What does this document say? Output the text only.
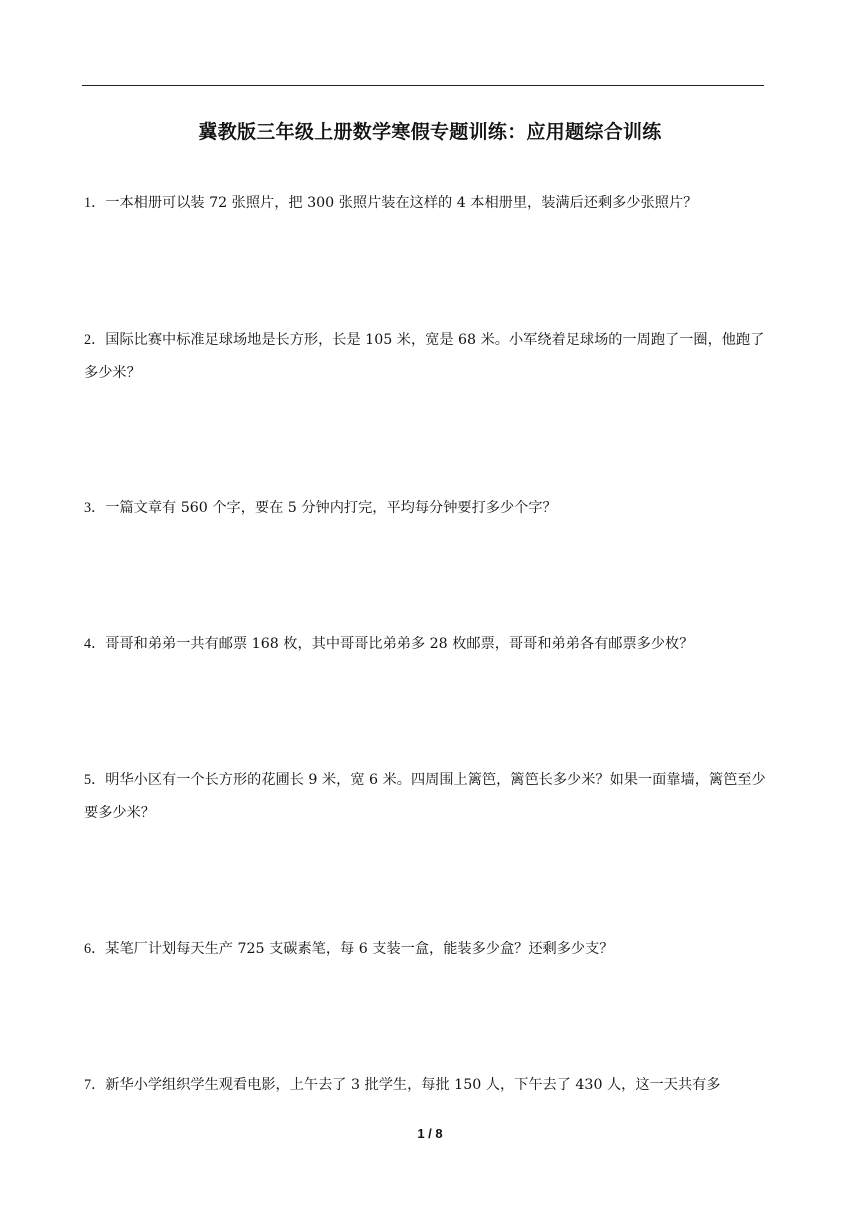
冀教版三年级上册数学寒假专题训练：应用题综合训练

1．一本相册可以装 72 张照片，把 300 张照片装在这样的 4 本相册里，装满后还剩多少张照片？

2．国际比赛中标准足球场地是长方形，长是 105 米，宽是 68 米。小军绕着足球场的一周跑了一圈，他跑了多少米？

3．一篇文章有 560 个字，要在 5 分钟内打完，平均每分钟要打多少个字？

4．哥哥和弟弟一共有邮票 168 枚，其中哥哥比弟弟多 28 枚邮票，哥哥和弟弟各有邮票多少枚？

5．明华小区有一个长方形的花圃长 9 米，宽 6 米。四周围上篱笆，篱笆长多少米？如果一面靠墙，篱笆至少要多少米？

6．某笔厂计划每天生产 725 支碳素笔，每 6 支装一盒，能装多少盒？还剩多少支？

7．新华小学组织学生观看电影，上午去了 3 批学生，每批 150 人，下午去了 430 人，这一天共有多

1 / 8
